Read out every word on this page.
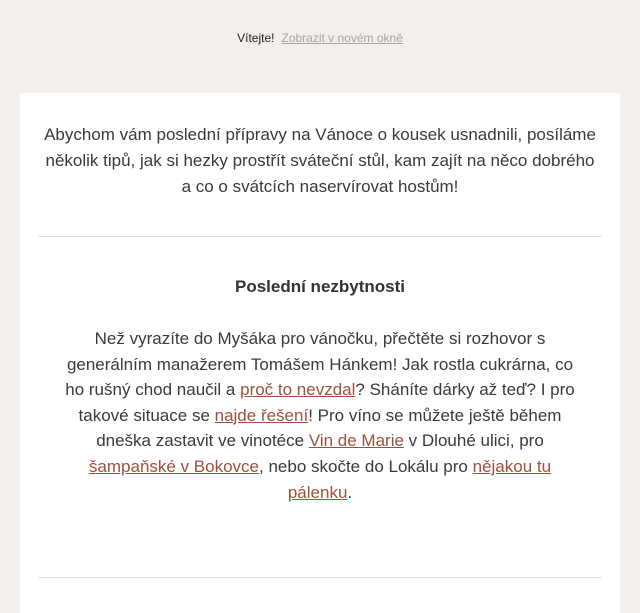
Vítejte! Zobrazit v novém okně
Abychom vám poslední přípravy na Vánoce o kousek usnadnili, posíláme několik tipů, jak si hezky prostřít sváteční stůl, kam zajít na něco dobrého a co o svátcích naservírovat hostům!
Poslední nezbytnosti
Než vyrazíte do Myšáka pro vánočku, přečtěte si rozhovor s generálním manažerem Tomášem Hánkem! Jak rostla cukrárna, co ho rušný chod naučil a proč to nevzdal? Sháníte dárky až teď? I pro takové situace se najde řešení! Pro víno se můžete ještě během dneška zastavit ve vinotéce Vin de Marie v Dlouhé ulici, pro šampaňské v Bokovce, nebo skočte do Lokálu pro nějakou tu pálenku.
